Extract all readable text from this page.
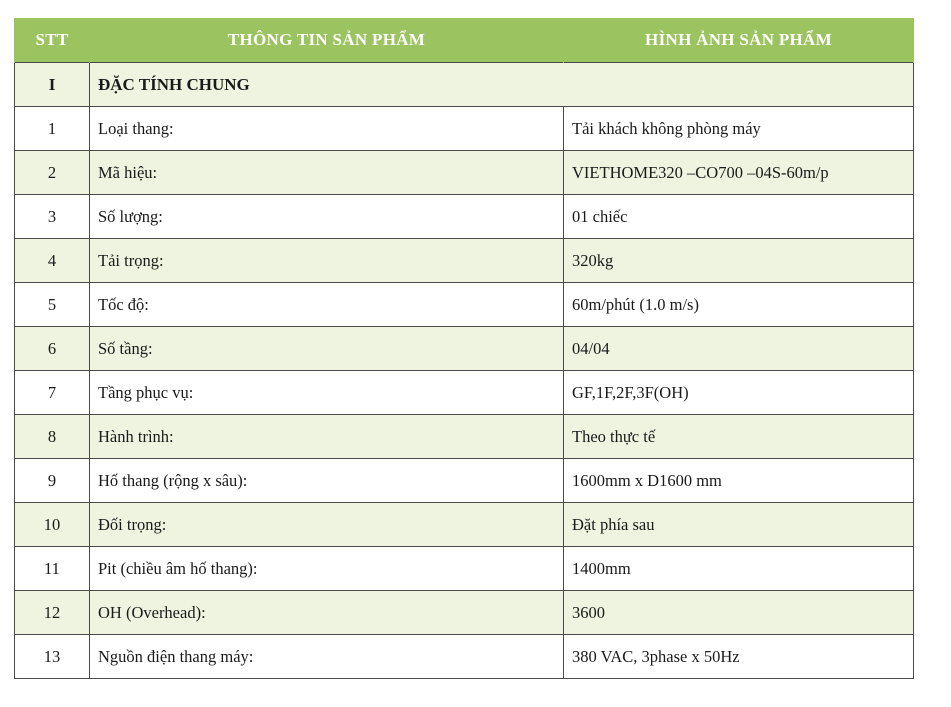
STT	THÔNG TIN SẢN PHẨM	HÌNH ẢNH SẢN PHẨM
I	ĐẶC TÍNH CHUNG	
1	Loại thang:	Tải khách không phòng máy
2	Mã hiệu:	VIETHOME320 –CO700 –04S-60m/p
3	Số lượng:	01 chiếc
4	Tải trọng:	320kg
5	Tốc độ:	60m/phút (1.0 m/s)
6	Số tầng:	04/04
7	Tầng phục vụ:	GF,1F,2F,3F(OH)
8	Hành trình:	Theo thực tế
9	Hố thang (rộng x sâu):	1600mm x D1600 mm
10	Đối trọng:	Đặt phía sau
11	Pit (chiều âm hố thang):	1400mm
12	OH (Overhead):	3600
13	Nguồn điện thang máy:	380 VAC, 3phase x 50Hz
